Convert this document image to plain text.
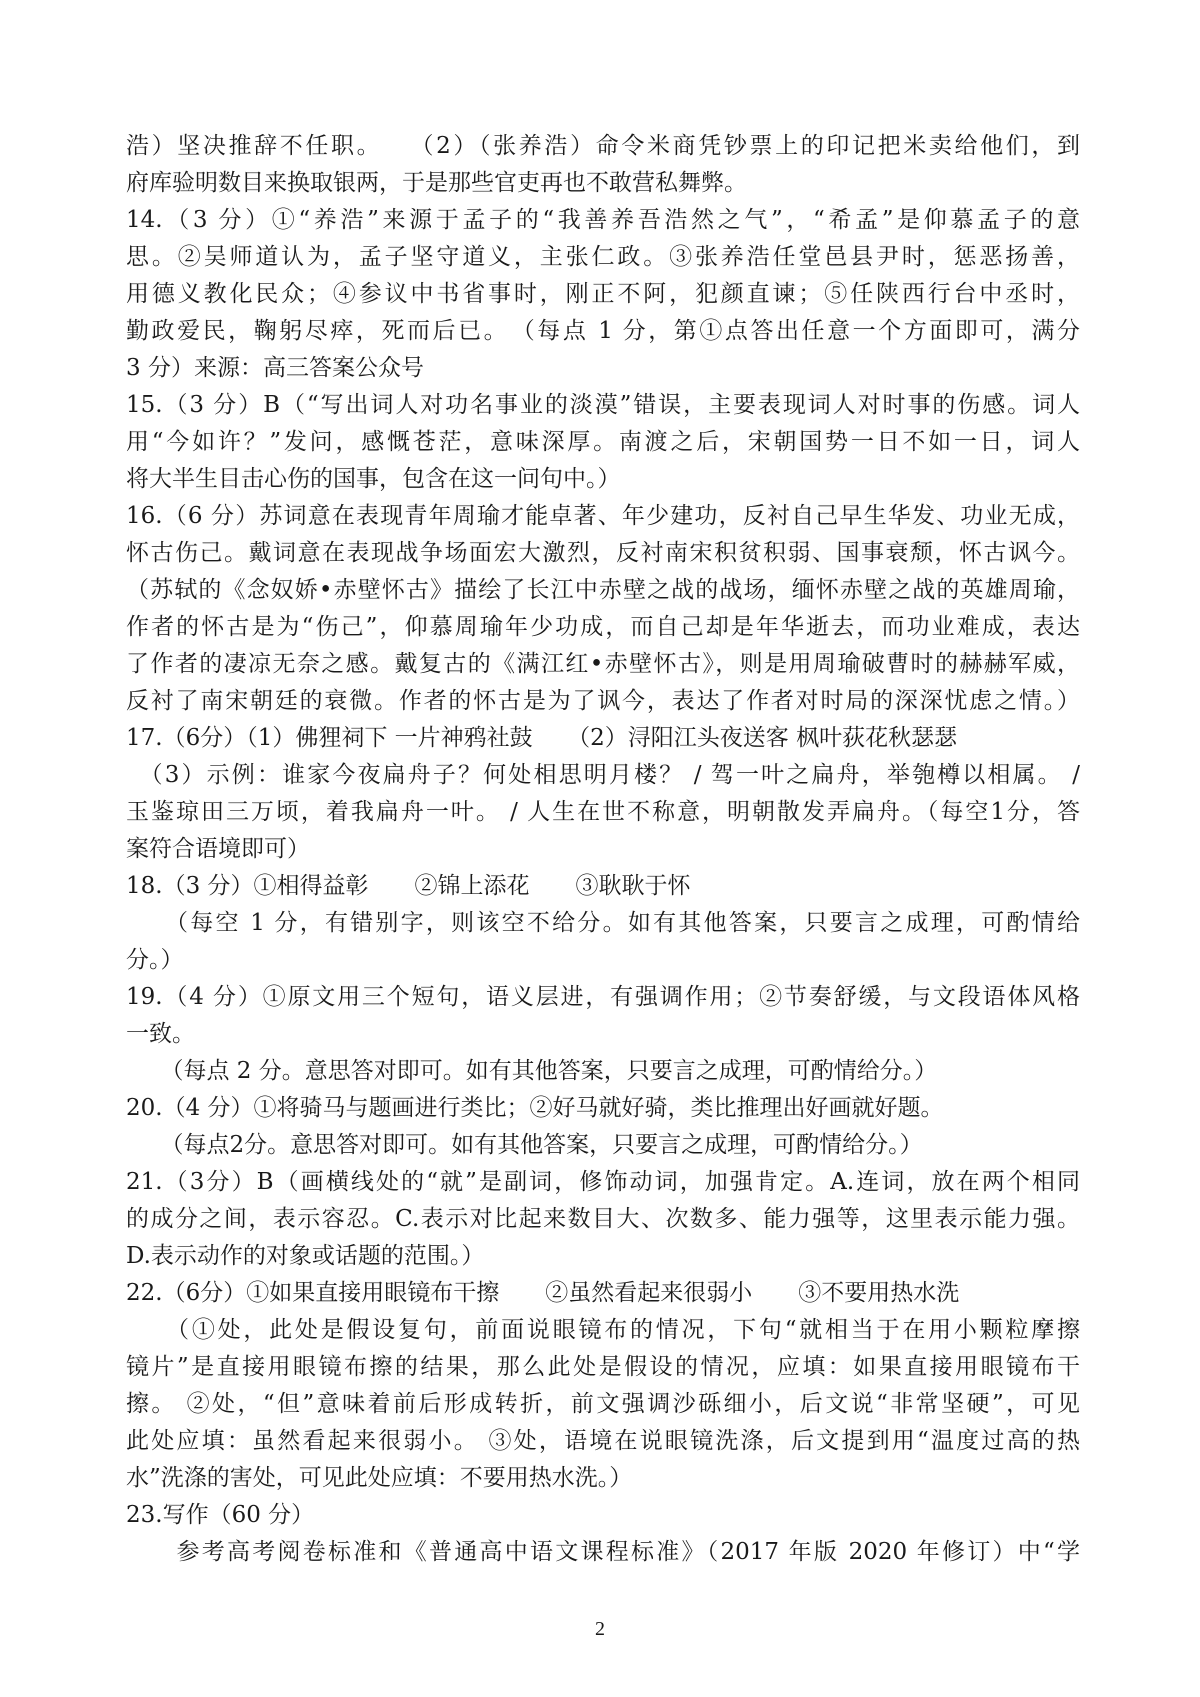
浩）坚决推辞不任职。　　（2）（张养浩）命令米商凭钞票上的印记把米卖给他们，到
府库验明数目来换取银两，于是那些官吏再也不敢营私舞弊。
14.（3 分）①“养浩”来源于孟子的“我善养吾浩然之气”，“希孟”是仰慕孟子的意
思。②吴师道认为，孟子坚守道义，主张仁政。③张养浩任堂邑县尹时，惩恶扬善，
用德义教化民众；④参议中书省事时，刚正不阿，犯颜直谏；⑤任陕西行台中丞时，
勤政爱民，鞠躬尽瘁，死而后已。　（每点 1 分，第①点答出任意一个方面即可，满分
3 分）来源：高三答案公众号
15.（3 分）B（“写出词人对功名事业的淡漠”错误，主要表现词人对时事的伤感。词人
用“今如许？”发问，感慨苍茫，意味深厚。南渡之后，宋朝国势一日不如一日，词人
将大半生目击心伤的国事，包含在这一问句中。）
16.（6 分）苏词意在表现青年周瑜才能卓著、年少建功，反衬自己早生华发、功业无成，
怀古伤己。戴词意在表现战争场面宏大激烈，反衬南宋积贫积弱、国事衰颓，怀古讽今。
（苏轼的《念奴娇•赤壁怀古》描绘了长江中赤壁之战的战场，缅怀赤壁之战的英雄周瑜，
作者的怀古是为“伤己”，仰慕周瑜年少功成，而自己却是年华逝去，而功业难成，表达
了作者的凄凉无奈之感。戴复古的《满江红•赤壁怀古》，则是用周瑜破曹时的赫赫军威，
反衬了南宋朝廷的衰微。作者的怀古是为了讽今，表达了作者对时局的深深忧虑之情。）
17.（6分）（1）佛狸祠下 一片神鸦社鼓　　（2）浔阳江头夜送客 枫叶荻花秋瑟瑟
　（3）示例：谁家今夜扁舟子？何处相思明月楼？ / 驾一叶之扁舟，举匏樽以相属。 /
玉鉴琼田三万顷，着我扁舟一叶。 / 人生在世不称意，明朝散发弄扁舟。（每空1分，答
案符合语境即可）
18.（3 分）①相得益彰　　②锦上添花　　③耿耿于怀
　　（每空 1 分，有错别字，则该空不给分。如有其他答案，只要言之成理，可酌情给
分。）
19.（4 分）①原文用三个短句，语义层进，有强调作用；②节奏舒缓，与文段语体风格
一致。
　　（每点 2 分。意思答对即可。如有其他答案，只要言之成理，可酌情给分。）
20.（4 分）①将骑马与题画进行类比；②好马就好骑，类比推理出好画就好题。
　　（每点2分。意思答对即可。如有其他答案，只要言之成理，可酌情给分。）
21.（3分）B（画横线处的“就”是副词，修饰动词，加强肯定。A.连词，放在两个相同
的成分之间，表示容忍。C.表示对比起来数目大、次数多、能力强等，这里表示能力强。
D.表示动作的对象或话题的范围。）
22.（6分）①如果直接用眼镜布干擦　　②虽然看起来很弱小　　③不要用热水洗
　　（①处，此处是假设复句，前面说眼镜布的情况，下句“就相当于在用小颗粒摩擦
镜片”是直接用眼镜布擦的结果，那么此处是假设的情况，应填：如果直接用眼镜布干
擦。 ②处，“但”意味着前后形成转折，前文强调沙砾细小，后文说“非常坚硬”，可见
此处应填：虽然看起来很弱小。 ③处，语境在说眼镜洗涤，后文提到用“温度过高的热
水”洗涤的害处，可见此处应填：不要用热水洗。）
23.写作（60 分）
　　参考高考阅卷标准和《普通高中语文课程标准》（2017 年版 2020 年修订）中“学
2
